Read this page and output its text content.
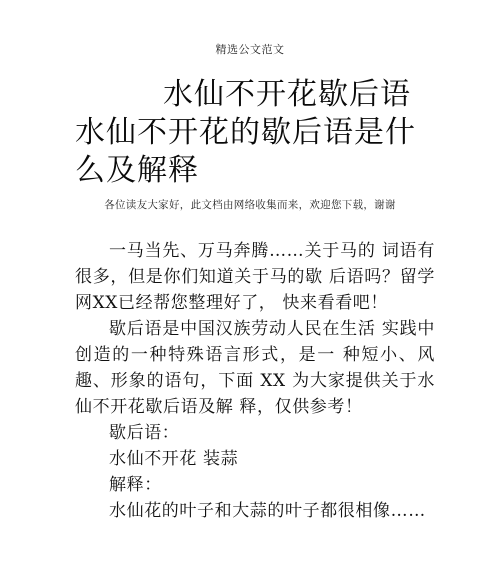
精选公文范文
水仙不开花歇后语
水仙不开花的歇后语是什
么及解释
各位读友大家好，此文档由网络收集而来，欢迎您下载，谢谢

一马当先、万马奔腾……关于马的 词语有很多，但是你们知道关于马的歇 后语吗？留学网XX已经帮您整理好了， 快来看看吧！

歇后语是中国汉族劳动人民在生活 实践中创造的一种特殊语言形式，是一 种短小、风趣、形象的语句，下面 XX 为大家提供关于水仙不开花歇后语及解 释，仅供参考！

歇后语：

水仙不开花 装蒜

解释：

水仙花的叶子和大蒜的叶子都很相像……
